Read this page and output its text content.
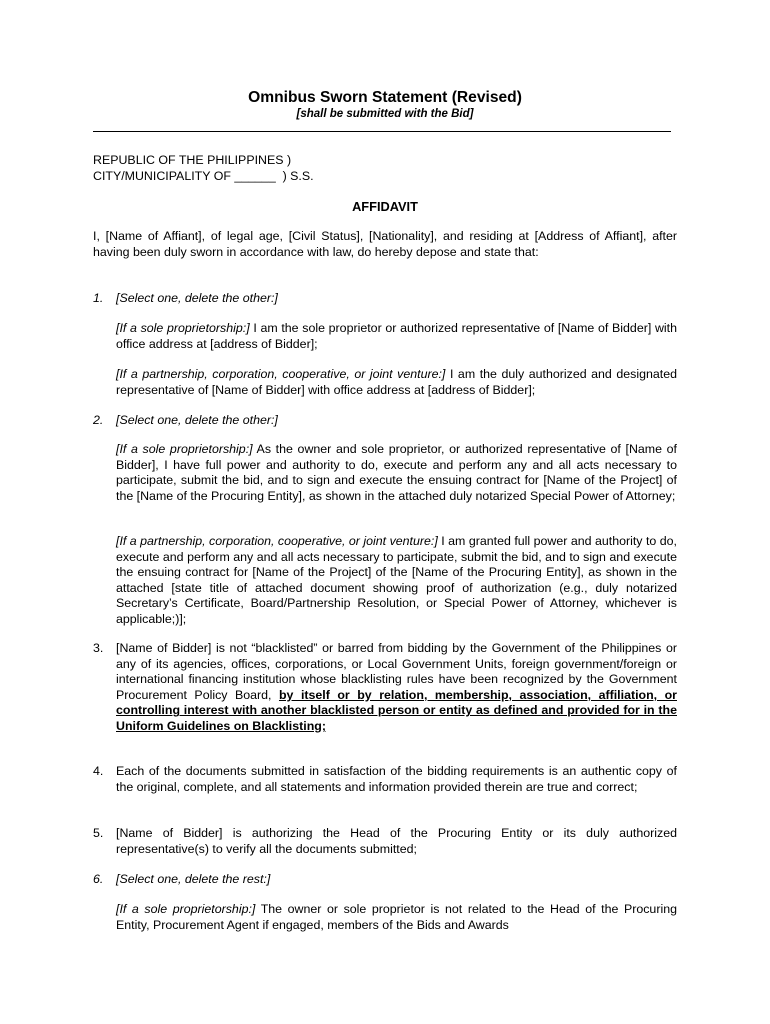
Omnibus Sworn Statement (Revised)
[shall be submitted with the Bid]
REPUBLIC OF THE PHILIPPINES )
CITY/MUNICIPALITY OF ______  ) S.S.
AFFIDAVIT
I, [Name of Affiant], of legal age, [Civil Status], [Nationality], and residing at [Address of Affiant], after having been duly sworn in accordance with law, do hereby depose and state that:
1.	[Select one, delete the other:]
[If a sole proprietorship:] I am the sole proprietor or authorized representative of [Name of Bidder] with office address at [address of Bidder];
[If a partnership, corporation, cooperative, or joint venture:] I am the duly authorized and designated representative of [Name of Bidder] with office address at [address of Bidder];
2.	[Select one, delete the other:]
[If a sole proprietorship:] As the owner and sole proprietor, or authorized representative of [Name of Bidder], I have full power and authority to do, execute and perform any and all acts necessary to participate, submit the bid, and to sign and execute the ensuing contract for [Name of the Project] of the [Name of the Procuring Entity], as shown in the attached duly notarized Special Power of Attorney;
[If a partnership, corporation, cooperative, or joint venture:] I am granted full power and authority to do, execute and perform any and all acts necessary to participate, submit the bid, and to sign and execute the ensuing contract for [Name of the Project] of the [Name of the Procuring Entity], as shown in the attached [state title of attached document showing proof of authorization (e.g., duly notarized Secretary’s Certificate, Board/Partnership Resolution, or Special Power of Attorney, whichever is applicable;)];
3.	[Name of Bidder] is not “blacklisted” or barred from bidding by the Government of the Philippines or any of its agencies, offices, corporations, or Local Government Units, foreign government/foreign or international financing institution whose blacklisting rules have been recognized by the Government Procurement Policy Board, by itself or by relation, membership, association, affiliation, or controlling interest with another blacklisted person or entity as defined and provided for in the Uniform Guidelines on Blacklisting;
4.	Each of the documents submitted in satisfaction of the bidding requirements is an authentic copy of the original, complete, and all statements and information provided therein are true and correct;
5.	[Name of Bidder] is authorizing the Head of the Procuring Entity or its duly authorized representative(s) to verify all the documents submitted;
6.	[Select one, delete the rest:]
[If a sole proprietorship:] The owner or sole proprietor is not related to the Head of the Procuring Entity, Procurement Agent if engaged, members of the Bids and Awards
